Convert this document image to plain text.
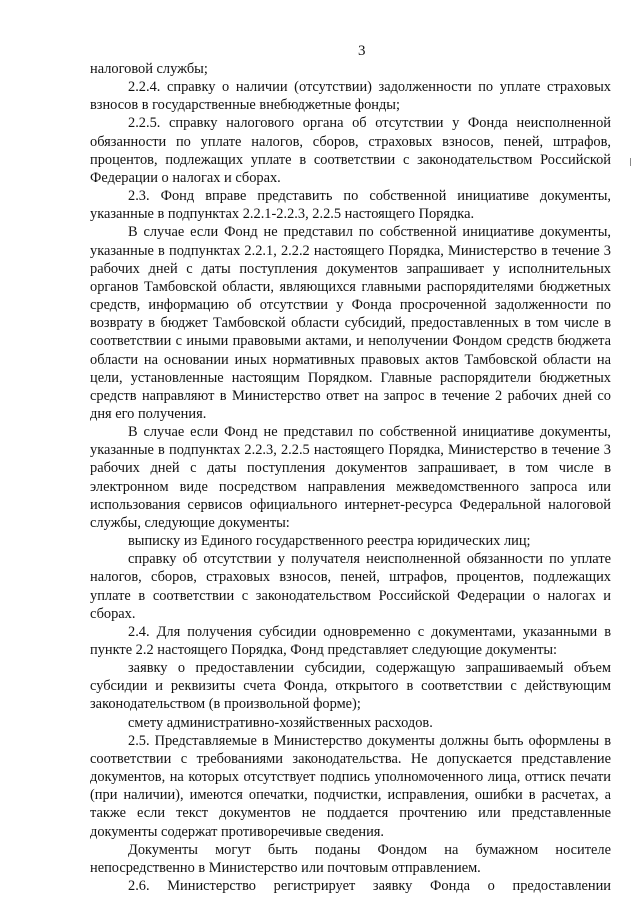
3

налоговой службы;

2.2.4. справку о наличии (отсутствии) задолженности по уплате страховых взносов в государственные внебюджетные фонды;

2.2.5. справку налогового органа об отсутствии у Фонда неисполненной обязанности по уплате налогов, сборов, страховых взносов, пеней, штрафов, процентов, подлежащих уплате в соответствии с законодательством Российской Федерации о налогах и сборах.

2.3. Фонд вправе представить по собственной инициативе документы, указанные в подпунктах 2.2.1-2.2.3, 2.2.5 настоящего Порядка.

В случае если Фонд не представил по собственной инициативе документы, указанные в подпунктах 2.2.1, 2.2.2 настоящего Порядка, Министерство в течение 3 рабочих дней с даты поступления документов запрашивает у исполнительных органов Тамбовской области, являющихся главными распорядителями бюджетных средств, информацию об отсутствии у Фонда просроченной задолженности по возврату в бюджет Тамбовской области субсидий, предоставленных в том числе в соответствии с иными правовыми актами, и неполучении Фондом средств бюджета области на основании иных нормативных правовых актов Тамбовской области на цели, установленные настоящим Порядком. Главные распорядители бюджетных средств направляют в Министерство ответ на запрос в течение 2 рабочих дней со дня его получения.

В случае если Фонд не представил по собственной инициативе документы, указанные в подпунктах 2.2.3, 2.2.5 настоящего Порядка, Министерство в течение 3 рабочих дней с даты поступления документов запрашивает, в том числе в электронном виде посредством направления межведомственного запроса или использования сервисов официального интернет-ресурса Федеральной налоговой службы, следующие документы:

выписку из Единого государственного реестра юридических лиц;

справку об отсутствии у получателя неисполненной обязанности по уплате налогов, сборов, страховых взносов, пеней, штрафов, процентов, подлежащих уплате в соответствии с законодательством Российской Федерации о налогах и сборах.

2.4. Для получения субсидии одновременно с документами, указанными в пункте 2.2 настоящего Порядка, Фонд представляет следующие документы:

заявку о предоставлении субсидии, содержащую запрашиваемый объем субсидии и реквизиты счета Фонда, открытого в соответствии с действующим законодательством (в произвольной форме);

смету административно-хозяйственных расходов.

2.5. Представляемые в Министерство документы должны быть оформлены в соответствии с требованиями законодательства. Не допускается представление документов, на которых отсутствует подпись уполномоченного лица, оттиск печати (при наличии), имеются опечатки, подчистки, исправления, ошибки в расчетах, а также если текст документов не поддается прочтению или представленные документы содержат противоречивые сведения.

Документы могут быть поданы Фондом на бумажном носителе непосредственно в Министерство или почтовым отправлением.

2.6. Министерство регистрирует заявку Фонда о предоставлении
